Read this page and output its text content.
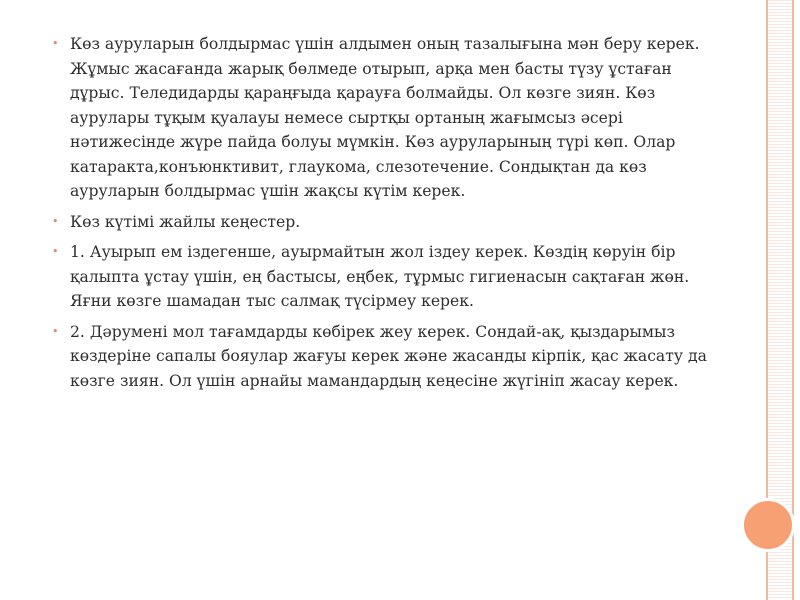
• Көз ауруларын болдырмас үшін алдымен оның тазалығына мән беру керек. Жұмыс жасағанда жарық бөлмеде отырып, арқа мен басты түзу ұстаған дұрыс. Теледидарды қараңғыда қарауға болмайды. Ол көзге зиян. Көз аурулары тұқым қуалауы немесе сыртқы ортаның жағымсыз әсері нәтижесінде жүре пайда болуы мүмкін. Көз ауруларының түрі көп. Олар катаракта,конъюнктивит, глаукома, слезотечение. Сондықтан да көз ауруларын болдырмас үшін жақсы күтім керек.
• Көз күтімі жайлы кеңестер.
• 1. Ауырып ем іздегенше, ауырмайтын жол іздеу керек. Көздің көруін бір қалыпта ұстау үшін, ең бастысы, еңбек, тұрмыс гигиенасын сақтаған жөн. Яғни көзге шамадан тыс салмақ түсірмеу керек.
• 2. Дәрумені мол тағамдарды көбірек жеу керек. Сондай-ақ, қыздарымыз көздеріне сапалы бояулар жағуы керек және жасанды кірпік, қас жасату да көзге зиян. Ол үшін арнайы мамандардың кеңесіне жүгініп жасау керек.
